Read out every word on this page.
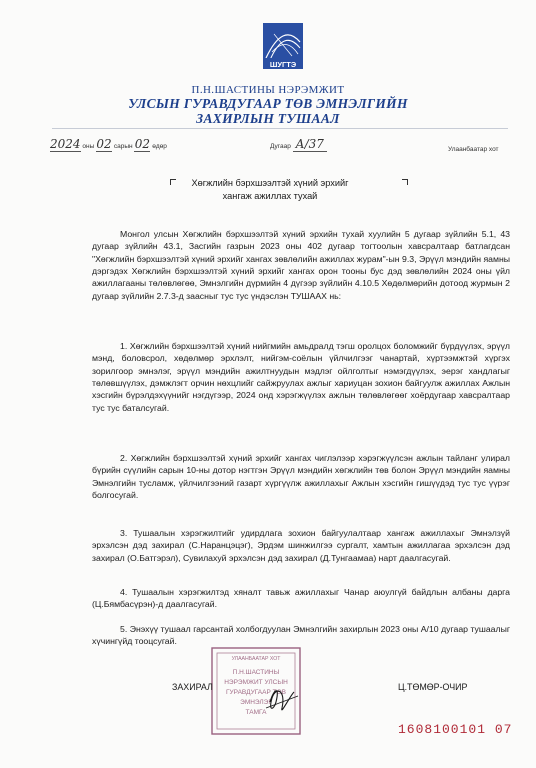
ШУГТЭ
П.Н.ШАСТИНЫ НЭРЭМЖИТ
УЛСЫН ГУРАВДУГААР ТӨВ ЭМНЭЛГИЙН
ЗАХИРЛЫН ТУШААЛ
2024 оны 02 сарын 02 өдөр	Дугаар А/37	Улаанбаатар хот
Хөгжлийн бэрхшээлтэй хүний эрхийг
хангаж ажиллах тухай

Монгол улсын Хөгжлийн бэрхшээлтэй хүний эрхийн тухай хуулийн 5 дугаар зүйлийн 5.1, 43 дугаар зүйлийн 43.1, Засгийн газрын 2023 оны 402 дугаар тогтоолын хавсралтаар батлагдсан "Хөгжлийн бэрхшээлтэй хүний эрхийг хангах зөвлөлийн ажиллах журам"-ын 9.3, Эрүүл мэндийн яамны дэргэдэх Хөгжлийн бэрхшээлтэй хүний эрхийг хангах орон тооны бус дэд зөвлөлийн 2024 оны үйл ажиллагааны төлөвлөгөө, Эмнэлгийн дүрмийн 4 дүгээр зүйлийн 4.10.5 Хөдөлмөрийн дотоод журмын 2 дугаар зүйлийн 2.7.3-д заасныг тус тус үндэслэн ТУШААХ нь:

1. Хөгжлийн бэрхшээлтэй хүний нийгмийн амьдралд тэгш оролцох боломжийг бүрдүүлэх, эрүүл мэнд, боловсрол, хөдөлмөр эрхлэлт, нийгэм-соёлын үйлчилгээг чанартай, хүртээмжтэй хүргэх зорилгоор эмнэлэг, эрүүл мэндийн ажилтнуудын мэдлэг ойлголтыг нэмэгдүүлэх, эерэг хандлагыг төлөвшүүлэх, дэмжлэгт орчин нөхцлийг сайжруулах ажлыг хариуцан зохион байгуулж ажиллах Ажлын хэсгийн бүрэлдэхүүнийг нэгдүгээр, 2024 онд хэрэгжүүлэх ажлын төлөвлөгөөг хоёрдугаар хавсралтаар тус тус баталсугай.

2. Хөгжлийн бэрхшээлтэй хүний эрхийг хангах чиглэлээр хэрэгжүүлсэн ажлын тайланг улирал бүрийн сүүлийн сарын 10-ны дотор нэгтгэн Эрүүл мэндийн хөгжлийн төв болон Эрүүл мэндийн яамны Эмнэлгийн тусламж, үйлчилгээний газарт хүргүүлж ажиллахыг Ажлын хэсгийн гишүүдэд тус тус үүрэг болгосугай.

3. Тушаалын хэрэгжилтийг удирдлага зохион байгуулалтаар хангаж ажиллахыг Эмнэлзүй эрхэлсэн дэд захирал (С.Наранцэцэг), Эрдэм шинжилгээ сургалт, хамтын ажиллагаа эрхэлсэн дэд захирал (О.Батгэрэл), Сувилахуй эрхэлсэн дэд захирал (Д.Тунгаамаа) нарт даалгасугай.

4. Тушаалын хэрэгжилтэд хяналт тавьж ажиллахыг Чанар аюулгүй байдлын албаны дарга (Ц.Бямбасүрэн)-д даалгасугай.

5. Энэхүү тушаал гарсантай холбогдуулан Эмнэлгийн захирлын 2023 оны А/10 дугаар тушаалыг хүчингүйд тооцсугай.

УЛААНБААТАР ХОТ
П.Н.ШАСТИНЫ
НЭРЭМЖИТ УЛСЫН
ГУРАВДУГААР ТӨВ
ЭМНЭЛЭГ
ТАМГА
ЗАХИРАЛ	Ц.ТӨМӨР-ОЧИР
1608100101 07
